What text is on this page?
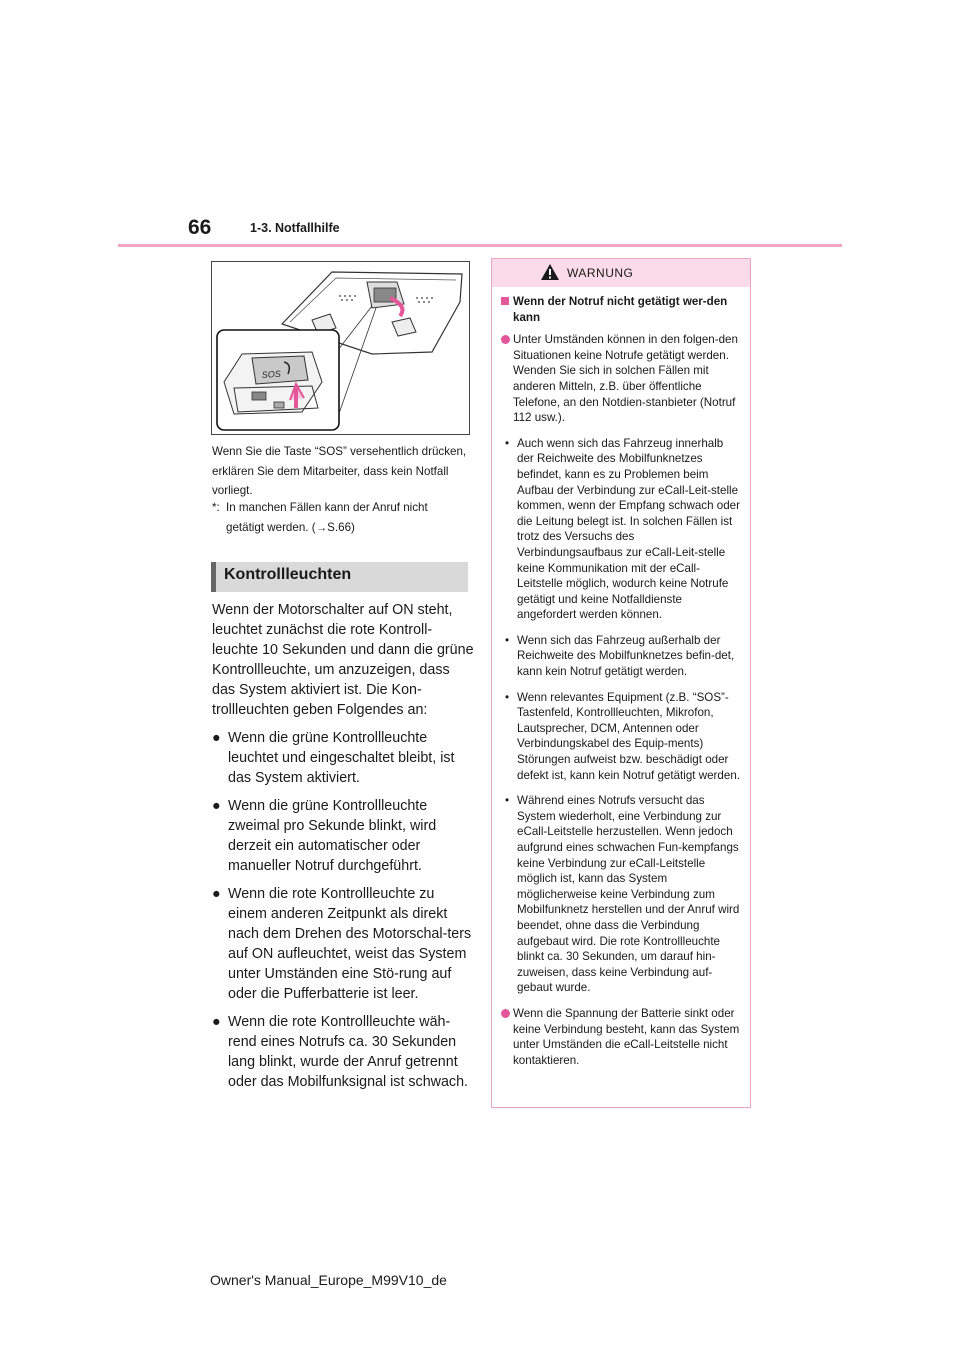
66	1-3. Notfallhilfe
SOS
Wenn Sie die Taste “SOS” versehentlich drücken, erklären Sie dem Mitarbeiter, dass kein Notfall vorliegt.
*: In manchen Fällen kann der Anruf nicht
getätigt werden. (→S.66)
Kontrollleuchten

Wenn der Motorschalter auf ON steht, leuchtet zunächst die rote Kontroll-leuchte 10 Sekunden und dann die grüne Kontrollleuchte, um anzuzeigen, dass das System aktiviert ist. Die Kon-trollleuchten geben Folgendes an:

● Wenn die grüne Kontrollleuchte leuchtet und eingeschaltet bleibt, ist das System aktiviert.
● Wenn die grüne Kontrollleuchte zweimal pro Sekunde blinkt, wird derzeit ein automatischer oder manueller Notruf durchgeführt.
● Wenn die rote Kontrollleuchte zu einem anderen Zeitpunkt als direkt nach dem Drehen des Motorschal-ters auf ON aufleuchtet, weist das System unter Umständen eine Stö-rung auf oder die Pufferbatterie ist leer.
● Wenn die rote Kontrollleuchte wäh-rend eines Notrufs ca. 30 Sekunden lang blinkt, wurde der Anruf getrennt oder das Mobilfunksignal ist schwach.
WARNUNG
Wenn der Notruf nicht getätigt wer-den kann
Unter Umständen können in den folgen-den Situationen keine Notrufe getätigt werden. Wenden Sie sich in solchen Fällen mit anderen Mitteln, z.B. über öffentliche Telefone, an den Notdien-stanbieter (Notruf 112 usw.).
• Auch wenn sich das Fahrzeug innerhalb der Reichweite des Mobilfunknetzes befindet, kann es zu Problemen beim Aufbau der Verbindung zur eCall-Leit-stelle kommen, wenn der Empfang schwach oder die Leitung belegt ist. In solchen Fällen ist trotz des Versuchs des Verbindungsaufbaus zur eCall-Leit-stelle keine Kommunikation mit der eCall-Leitstelle möglich, wodurch keine Notrufe getätigt und keine Notfalldienste angefordert werden können.
• Wenn sich das Fahrzeug außerhalb der Reichweite des Mobilfunknetzes befin-det, kann kein Notruf getätigt werden.
• Wenn relevantes Equipment (z.B. “SOS”-Tastenfeld, Kontrollleuchten, Mikrofon, Lautsprecher, DCM, Antennen oder Verbindungskabel des Equip-ments) Störungen aufweist bzw. beschädigt oder defekt ist, kann kein Notruf getätigt werden.
• Während eines Notrufs versucht das System wiederholt, eine Verbindung zur eCall-Leitstelle herzustellen. Wenn jedoch aufgrund eines schwachen Fun-kempfangs keine Verbindung zur eCall-Leitstelle möglich ist, kann das System möglicherweise keine Verbindung zum Mobilfunknetz herstellen und der Anruf wird beendet, ohne dass die Verbindung aufgebaut wird. Die rote Kontrollleuchte blinkt ca. 30 Sekunden, um darauf hin-zuweisen, dass keine Verbindung auf-gebaut wurde.
Wenn die Spannung der Batterie sinkt oder keine Verbindung besteht, kann das System unter Umständen die eCall-Leitstelle nicht kontaktieren.
Owner's Manual_Europe_M99V10_de
